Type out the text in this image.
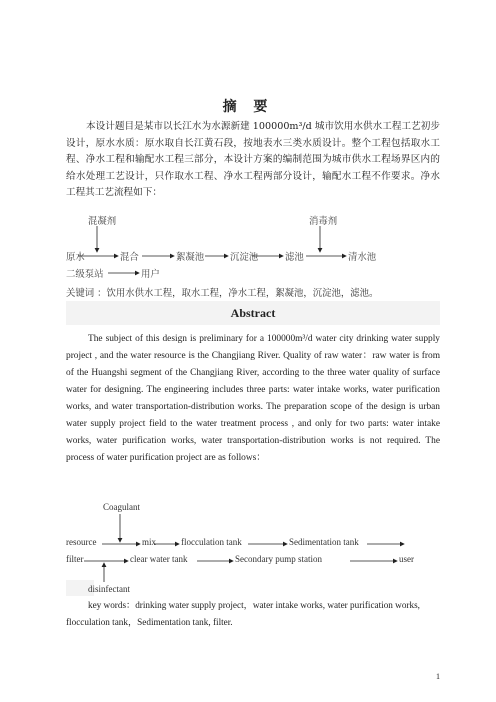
摘 要
本设计题目是某市以长江水为水源新建 100000m³/d 城市饮用水供水工程工艺初步设计，原水水质：原水取自长江黄石段，按地表水三类水质设计。整个工程包括取水工程、净水工程和输配水工程三部分，本设计方案的编制范围为城市供水工程场界区内的给水处理工艺设计，只作取水工程、净水工程两部分设计，输配水工程不作要求。净水工程其工艺流程如下：
混凝剂	消毒剂
原水	混合	絮凝池	沉淀池	滤池	清水池
二级泵站	用户
关键词 ：饮用水供水工程，取水工程，净水工程，絮凝池，沉淀池，滤池。
Abstract
The subject of this design is preliminary for a 100000m³/d water city drinking water supply project , and the water resource is the Changjiang River. Quality of raw water：raw water is from of the Huangshi segment of the Changjiang River, according to the three water quality of surface water for designing. The engineering includes three parts: water intake works, water purification works, and water transportation-distribution works. The preparation scope of the design is urban water supply project field to the water treatment process , and only for two parts: water intake works, water purification works, water transportation-distribution works is not required. The process of water purification project are as follows：
Coagulant
resource	mix	flocculation tank	Sedimentation tank
filter	clear water tank	Secondary pump station	user
disinfectant
key words：drinking water supply project，water intake works, water purification works,
flocculation tank，Sedimentation tank, filter.
1
